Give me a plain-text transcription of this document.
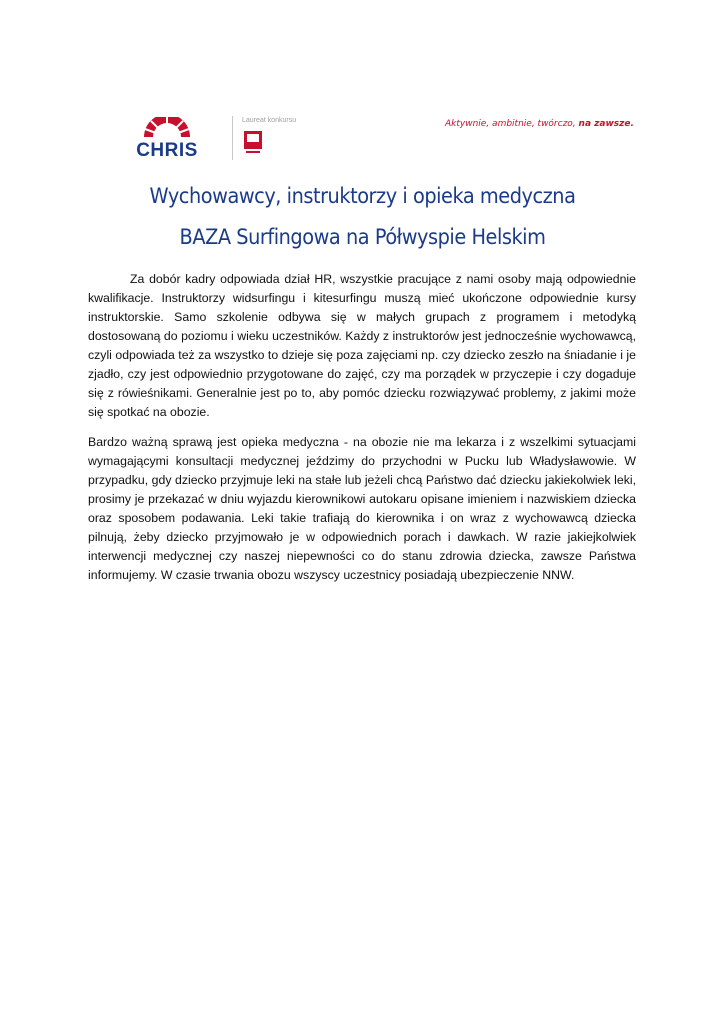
CHRIS
Laureat konkursu	Aktywnie, ambitnie, twórczo, na zawsze.
Wychowawcy, instruktorzy i opieka medyczna
BAZA Surfingowa na Półwyspie Helskim
Za dobór kadry odpowiada dział HR, wszystkie pracujące z nami osoby mają odpowiednie kwalifikacje. Instruktorzy widsurfingu i kitesurfingu muszą mieć ukończone odpowiednie kursy instruktorskie. Samo szkolenie odbywa się w małych grupach z programem i metodyką dostosowaną do poziomu i wieku uczestników. Każdy z instruktorów jest jednocześnie wychowawcą, czyli odpowiada też za wszystko to dzieje się poza zajęciami np. czy dziecko zeszło na śniadanie i je zjadło, czy jest odpowiednio przygotowane do zajęć, czy ma porządek w przyczepie i czy dogaduje się z rówieśnikami. Generalnie jest po to, aby pomóc dziecku rozwiązywać problemy, z jakimi może się spotkać na obozie.
Bardzo ważną sprawą jest opieka medyczna - na obozie nie ma lekarza i z wszelkimi sytuacjami wymagającymi konsultacji medycznej jeździmy do przychodni w Pucku lub Władysławowie. W przypadku, gdy dziecko przyjmuje leki na stałe lub jeżeli chcą Państwo dać dziecku jakiekolwiek leki, prosimy je przekazać w dniu wyjazdu kierownikowi autokaru opisane imieniem i nazwiskiem dziecka oraz sposobem podawania. Leki takie trafiają do kierownika i on wraz z wychowawcą dziecka pilnują, żeby dziecko przyjmowało je w odpowiednich porach i dawkach. W razie jakiejkolwiek interwencji medycznej czy naszej niepewności co do stanu zdrowia dziecka, zawsze Państwa informujemy. W czasie trwania obozu wszyscy uczestnicy posiadają ubezpieczenie NNW.
